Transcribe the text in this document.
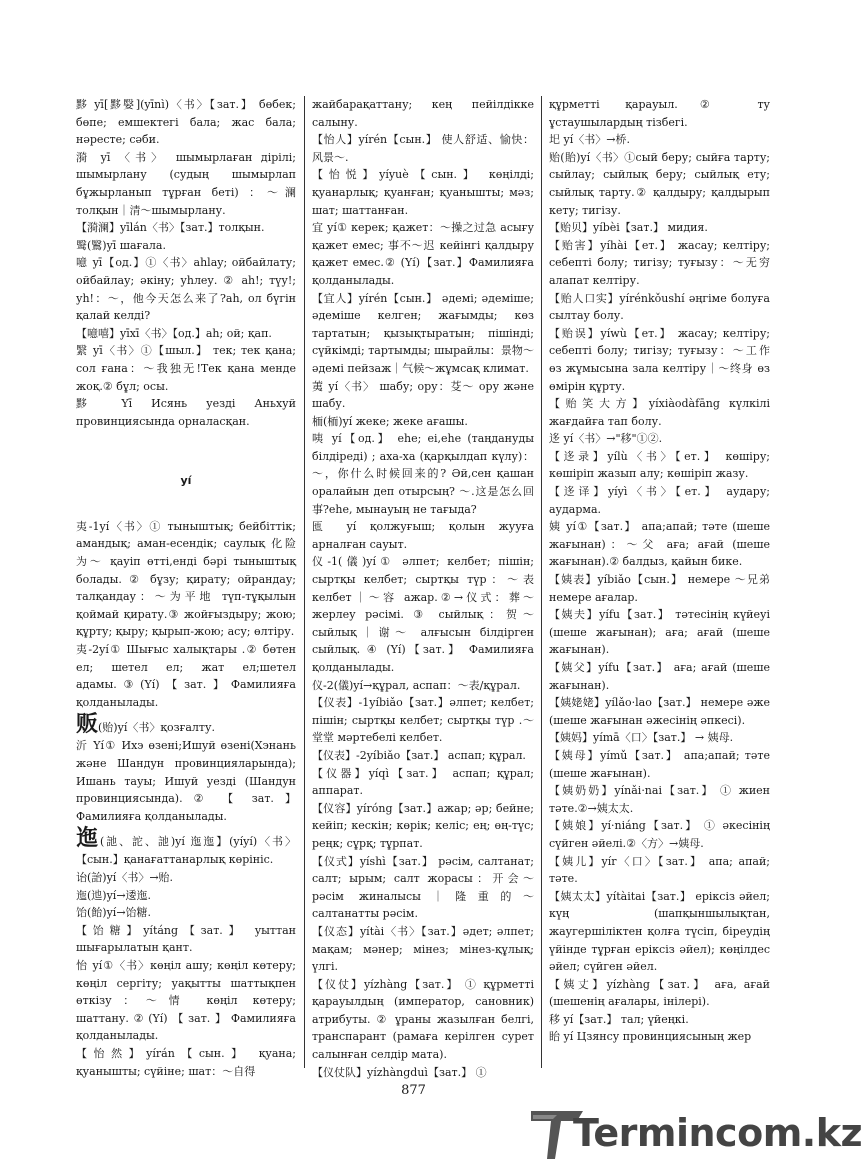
黟 yī[黟嫛](yīnì)〈书〉【зат.】 бөбек; бөпе; емшектегі бала; жас бала; нәресте; сәби.

漪 yī 〈书〉 шымырлаған дірілі; шымырлану (судың шымырлап бұжырланып тұрған беті) ：～澜 толқын｜清～шымырлану.

【漪澜】yīlán〈书〉【зат.】толқын.

鹥(鷖)yī шағала.

噫 yī【од.】①〈书〉ahlay; ойбайлату; ойбайлау; әкіну; уһлеу. ② ah!; түу!; уһ!：～，他今天怎么来了?ah, ол бүгін қалай келді?

【噫嘻】yīxī〈书〉【од.】ah; ой; қап.

繄 yī〈书〉①【шыл.】 тек; тек қана; сол ғана：～我独无!Тек қана менде жоқ.② бұл; осы.

黟 Yī Исянь уезді Аньхуй провинциясында орналасқан.

yí

夷-1yí〈书〉① тыныштық; бейбіттік; амандық; аман-есендік; саулық 化险为～ қауіп өтті,енді бәрі тыныштық болады. ② бұзу; қирату; ойрандау; талқандау：～为平地 түп-тұқылын қоймай қирату.③ жойғыздыру; жою; құрту; қыру; қырып-жою; асу; өлтіру.

夷-2yí① Шығыс халықтары .② бөтен ел; шетел ел; жат ел;шетел адамы.③(Yí)【зат.】Фамилияға қолданылады.

贩(贻)yí〈书〉қозғалту.

沂 Yí① Ихэ өзені;Ишуй өзені(Хэнань және Шандун провинцияларында); Ишань тауы; Ишуй уезді (Шандун провинциясында). ② 【 зат. 】 Фамилияға қолданылады.

迤(訑、詑、訑)yí 迤迤】(yíyí)〈书〉【сын.】қанағаттанарлық көрініс.

诒(詒)yí〈书〉→贻.

迤(迆)yí→逶迤.

饴(飴)yí→饴糖.

【饴糖】yítáng【зат.】 уыттан шығарылатын қант.

怡 yí①〈书〉көңіл ашу; көңіл көтеру; көңіл сергіту; уақытты шаттықпен өткізу：～情 көңіл көтеру; шаттану.②(Yí)【зат.】Фамилияға қолданылады.

【怡然】yírán【сын.】 қуана; қуанышты; сүйіне; шат：～自得

жайбарақаттану; кең пейілдікке салыну.

【怡人】yírén【сын.】 使人舒适、愉快：风景～.

【怡悦】yíyuè【сын.】 көңілді; қуанарлық; қуанған; қуанышты; мәз; шат; шаттанған.

宜 yí① керек; қажет：～操之过急 асығу қажет емес; 事不～迟 кейінгі қалдыру қажет емес.② (Yí)【зат.】Фамилияға қолданылады.

【宜人】yírén【сын.】 әдемі; әдеміше; әдеміше келген; жағымды; көз тартатын; қызықтыратын; пішінді; сүйкімді; тартымды; шырайлы：景物～ әдемі пейзаж｜气候～жұмсақ климат.

荑 yí〈书〉 шабу; ору：芟～ ору және шабу.

栭(栭)yí жеке; жеке ағашы.

咦 yí【од.】 ehe; ei,ehe (таңдануды білдіреді) ; аха-ха (қарқылдап күлу)：～，你什么时候回来的? Әй,сен қашан оралайын деп отырсың? ～.这是怎么回事?ehe, мынауың не тағыда?

匜 yí қолжуғыш; қолын жууға арналған сауыт.

仪-1(儀)yí① әлпет; келбет; пішін; сыртқы келбет; сыртқы түр：～表 келбет｜～容 ажар.②→仪式：葬～ жерлеу рәсімі. ③ сыйлық：贺～ сыйлық｜谢～ алғысын білдірген сыйлық. ④ (Yí)【зат.】 Фамилияға қолданылады.

仪-2(儀)yí→құрал, аспап：～表/құрал.

【仪表】-1yíbiǎo【зат.】әлпет; келбет; пішін; сыртқы келбет; сыртқы түр .～堂堂 мәртебелі келбет.

【仪表】-2yíbiǎo【зат.】 аспап; құрал.

【仪器】yíqì【зат.】 аспап; құрал; аппарат.

【仪容】yíróng【зат.】ажар; әр; бейне; кейіп; кескін; көрік; келіс; ең; өң-түс; реңк; сұрқ; тұрпат.

【仪式】yíshì【зат.】 рәсім, салтанат; салт; ырым; салт жорасы：开会～ рәсім жиналысы｜隆重的～ салтанатты рәсім.

【仪态】yítài〈书〉【зат.】әдет; әлпет; мақам; мәнер; мінез; мінез-құлық; үлгі.

【仪仗】yízhàng【зат.】 ① құрметті қарауылдың (император, сановник) атрибуты. ② ұраны жазылған белгі, транспарант (рамаға керілген сурет салынған селдір мата).

【仪仗队】yízhàngduì【зат.】 ①

құрметті қарауыл.② ту ұстаушылардың тізбегі.

圯 yí〈书〉→桥.

贻(貽)yí〈书〉①сый беру; сыйға тарту; сыйлау; сыйлық беру; сыйлық ету; сыйлық тарту.② қалдыру; қалдырып кету; тигізу.

【贻贝】yíbèi【зат.】 мидия.

【贻害】yíhài【ет.】 жасау; келтіру; себепті болу; тигізу; туғызу：～无穷 алапат келтіру.

【贻人口实】yírénkǒushí әңгіме болуға сылтау болу.

【贻误】yíwù【ет.】 жасау; келтіру; себепті болу; тигізу; туғызу：～工作 өз жұмысына зала келтіру｜～终身 өз өмірін құрту.

【贻笑大方】yíxiàodàfāng күлкілі жағдайға тап болу.

迻 yí〈书〉→"移"①②.

【迻录】yílù〈书〉【ет.】 көшіру; көшіріп жазып алу; көшіріп жазу.

【迻译】yíyì〈书〉【ет.】 аудару; аударма.

姨 yí①【зат.】 апа;апай; тәте (шеше жағынан)：～父 аға; ағай (шеше жағынан).② балдыз, қайын бике.

【姨表】yíbiǎo【сын.】 немере ～兄弟 немере ағалар.

【姨夫】yífu【зат.】 тәтесінің күйеуі (шеше жағынан); аға; ағай (шеше жағынан).

【姨父】yífu【зат.】 аға; ағай (шеше жағынан).

【姨姥姥】yílǎo·lao【зат.】 немере әже (шеше жағынан әжесінің әпкесі).

【姨妈】yímā〈口〉【зат.】 → 姨母.

【姨母】yímǔ【зат.】 апа;апай; тәте (шеше жағынан).

【姨奶奶】yínǎi·nai【зат.】 ① жиен тәте.②→姨太太.

【姨娘】yí·niáng【зат.】 ① әкесінің сүйген әйелі.②〈方〉→姨母.

【姨儿】yír〈口〉【зат.】 апа; апай; тәте.

【姨太太】yítàitai【зат.】 еріксіз әйел; күң (шапқыншылықтан, жаугершіліктен қолға түсіп, біреудің үйінде тұрған еріксіз әйел); көңілдес әйел; сүйген әйел.

【姨丈】yízhàng【зат.】 аға, ағай (шешенің ағалары, інілері).

移 yí【зат.】 тал; үйеңкі.

眙 yí Цзянсу провинциясының жер

877
Termincom.kz
